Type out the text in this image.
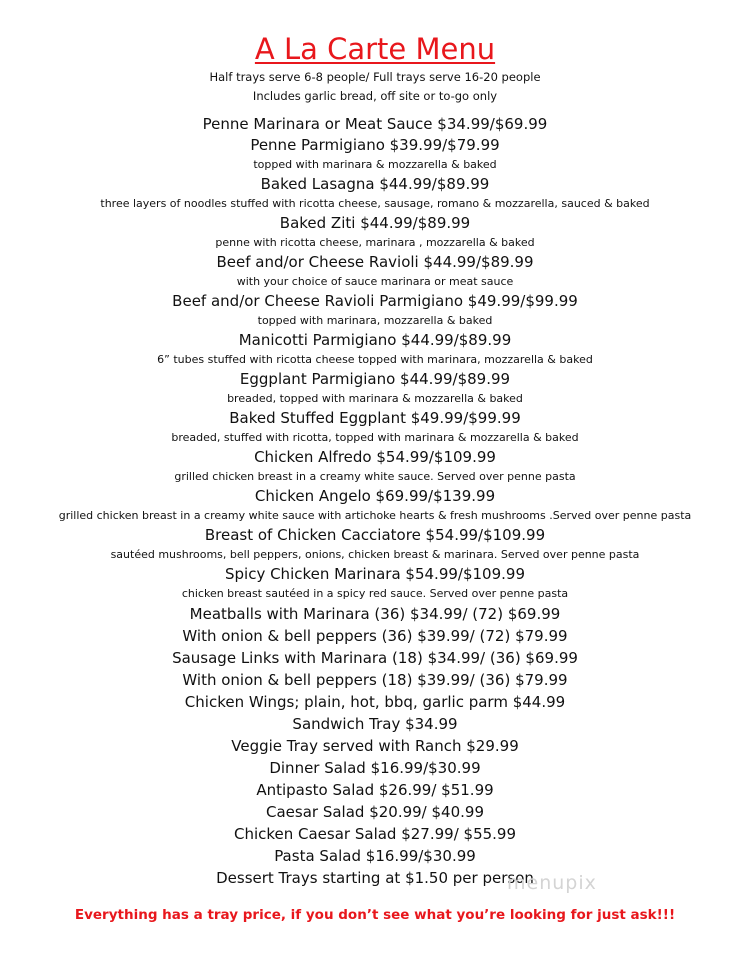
A La Carte Menu
Half trays serve 6-8 people/ Full trays serve 16-20 people
Includes garlic bread, off site or to-go only
Penne Marinara or Meat Sauce $34.99/$69.99
Penne Parmigiano $39.99/$79.99
topped with marinara & mozzarella & baked
Baked Lasagna $44.99/$89.99
three layers of noodles stuffed with ricotta cheese, sausage, romano & mozzarella, sauced & baked
Baked Ziti $44.99/$89.99
penne with ricotta cheese, marinara , mozzarella & baked
Beef and/or Cheese Ravioli $44.99/$89.99
with your choice of sauce marinara or meat sauce
Beef and/or Cheese Ravioli Parmigiano $49.99/$99.99
topped with marinara, mozzarella & baked
Manicotti Parmigiano $44.99/$89.99
6” tubes stuffed with ricotta cheese topped with marinara, mozzarella & baked
Eggplant Parmigiano $44.99/$89.99
breaded, topped with marinara & mozzarella & baked
Baked Stuffed Eggplant $49.99/$99.99
breaded, stuffed with ricotta, topped with marinara & mozzarella & baked
Chicken Alfredo $54.99/$109.99
grilled chicken breast in a creamy white sauce. Served over penne pasta
Chicken Angelo $69.99/$139.99
grilled chicken breast in a creamy white sauce with artichoke hearts & fresh mushrooms .Served over penne pasta
Breast of Chicken Cacciatore $54.99/$109.99
sautéed mushrooms, bell peppers, onions, chicken breast & marinara. Served over penne pasta
Spicy Chicken Marinara $54.99/$109.99
chicken breast sautéed in a spicy red sauce. Served over penne pasta
Meatballs with Marinara (36) $34.99/ (72) $69.99
With onion & bell peppers (36) $39.99/ (72) $79.99
Sausage Links with Marinara (18) $34.99/ (36) $69.99
With onion & bell peppers (18) $39.99/ (36) $79.99
Chicken Wings; plain, hot, bbq, garlic parm $44.99
Sandwich Tray $34.99
Veggie Tray served with Ranch $29.99
Dinner Salad $16.99/$30.99
Antipasto Salad $26.99/ $51.99
Caesar Salad $20.99/ $40.99
Chicken Caesar Salad $27.99/ $55.99
Pasta Salad $16.99/$30.99
Dessert Trays starting at $1.50 per person
menupix
Everything has a tray price, if you don’t see what you’re looking for just ask!!!
